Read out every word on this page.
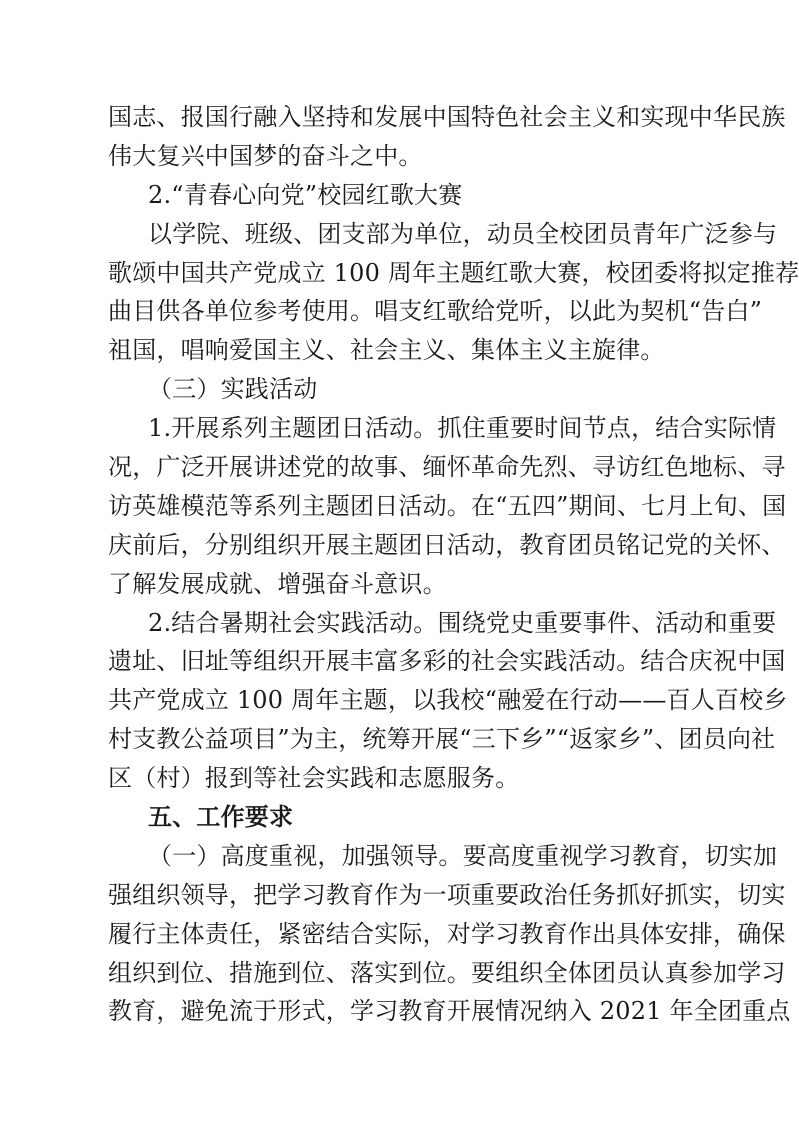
国志、报国行融入坚持和发展中国特色社会主义和实现中华民族
伟大复兴中国梦的奋斗之中。
2.“青春心向党”校园红歌大赛
以学院、班级、团支部为单位，动员全校团员青年广泛参与
歌颂中国共产党成立 100 周年主题红歌大赛，校团委将拟定推荐
曲目供各单位参考使用。唱支红歌给党听，以此为契机“告白”
祖国，唱响爱国主义、社会主义、集体主义主旋律。
（三）实践活动
1.开展系列主题团日活动。抓住重要时间节点，结合实际情
况，广泛开展讲述党的故事、缅怀革命先烈、寻访红色地标、寻
访英雄模范等系列主题团日活动。在“五四”期间、七月上旬、国
庆前后，分别组织开展主题团日活动，教育团员铭记党的关怀、
了解发展成就、增强奋斗意识。
2.结合暑期社会实践活动。围绕党史重要事件、活动和重要
遗址、旧址等组织开展丰富多彩的社会实践活动。结合庆祝中国
共产党成立 100 周年主题，以我校“融爱在行动——百人百校乡
村支教公益项目”为主，统筹开展“三下乡”“返家乡”、团员向社
区（村）报到等社会实践和志愿服务。
五、工作要求
（一）高度重视，加强领导。要高度重视学习教育，切实加
强组织领导，把学习教育作为一项重要政治任务抓好抓实，切实
履行主体责任，紧密结合实际，对学习教育作出具体安排，确保
组织到位、措施到位、落实到位。要组织全体团员认真参加学习
教育，避免流于形式，学习教育开展情况纳入 2021 年全团重点
